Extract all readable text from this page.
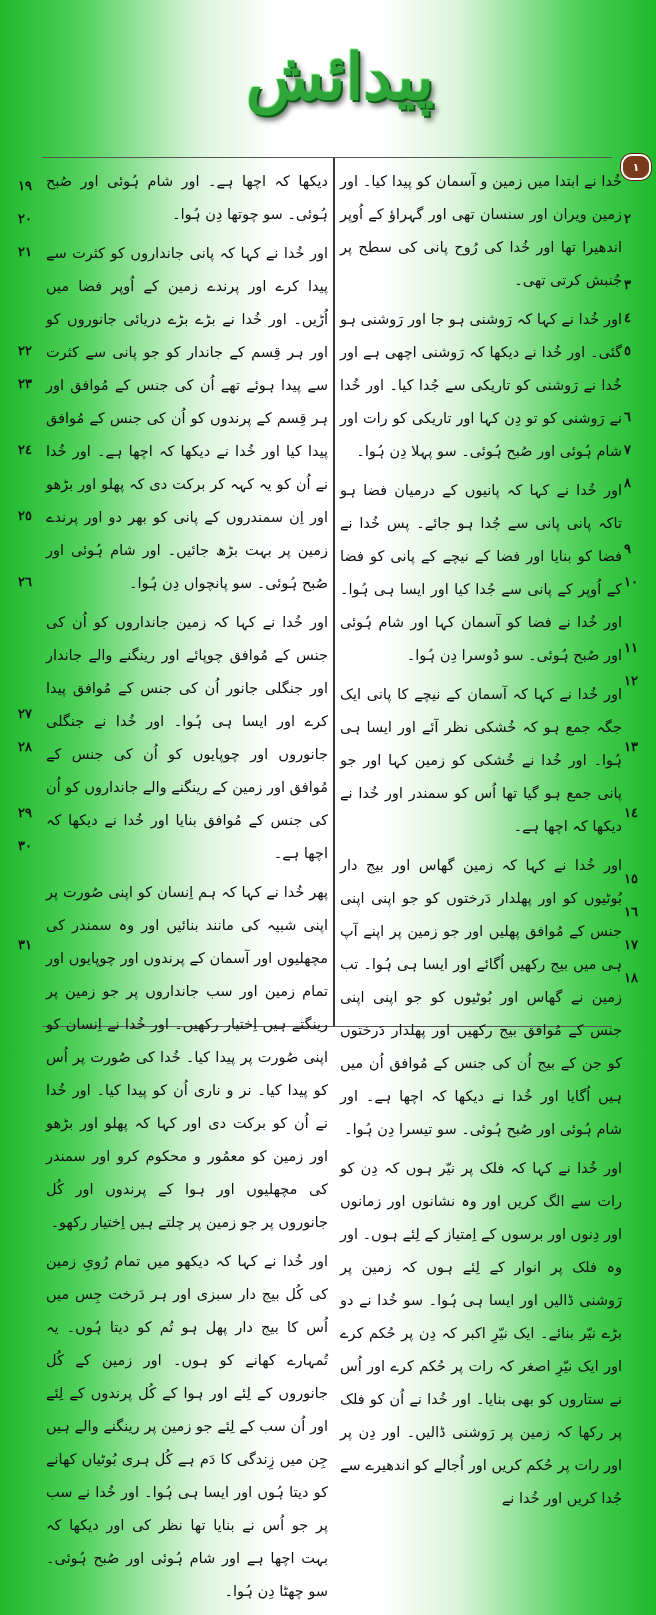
پیدائش
١

خُدا نے ابتدا میں زمین و آسمان کو پیدا کیا۔ اور زمین ویران اور سنسان تھی اور گہراؤ کے اُوپر اندھیرا تھا اور خُدا کی رُوح پانی کی سطح پر جُنبش کرتی تھی۔

اور خُدا نے کہا کہ رَوشنی ہو جا اور رَوشنی ہو گئی۔ اور خُدا نے دیکھا کہ رَوشنی اچھی ہے اور خُدا نے رَوشنی کو تاریکی سے جُدا کیا۔ اور خُدا نے رَوشنی کو تو دِن کہا اور تاریکی کو رات اور شام ہُوئی اور صُبح ہُوئی۔ سو پہلا دِن ہُوا۔

اور خُدا نے کہا کہ پانیوں کے درمیان فضا ہو تاکہ پانی پانی سے جُدا ہو جائے۔ پس خُدا نے فضا کو بنایا اور فضا کے نیچے کے پانی کو فضا کے اُوپر کے پانی سے جُدا کیا اور ایسا ہی ہُوا۔ اور خُدا نے فضا کو آسمان کہا اور شام ہُوئی اور صُبح ہُوئی۔ سو دُوسرا دِن ہُوا۔

اور خُدا نے کہا کہ آسمان کے نیچے کا پانی ایک جگہ جمع ہو کہ خُشکی نظر آئے اور ایسا ہی ہُوا۔ اور خُدا نے خُشکی کو زمین کہا اور جو پانی جمع ہو گیا تھا اُس کو سمندر اور خُدا نے دیکھا کہ اچھا ہے۔

اور خُدا نے کہا کہ زمین گھاس اور بیج دار بُوٹیوں کو اور پھلدار دَرختوں کو جو اپنی اپنی جنس کے مُوافق پھلیں اور جو زمین پر اپنے آپ ہی میں بیج رکھیں اُگائے اور ایسا ہی ہُوا۔ تب زمین نے گھاس اور بُوٹیوں کو جو اپنی اپنی جنس کے مُوافق بیج رکھیں اور پھلدار دَرختوں کو جن کے بیج اُن کی جنس کے مُوافق اُن میں ہیں اُگایا اور خُدا نے دیکھا کہ اچھا ہے۔ اور شام ہُوئی اور صُبح ہُوئی۔ سو تیسرا دِن ہُوا۔

اور خُدا نے کہا کہ فلک پر نیّر ہوں کہ دِن کو رات سے الگ کریں اور وہ نشانوں اور زمانوں اور دِنوں اور برسوں کے اِمتیاز کے لِئے ہوں۔ اور وہ فلک پر انوار کے لِئے ہوں کہ زمین پر رَوشنی ڈالیں اور ایسا ہی ہُوا۔ سو خُدا نے دو بڑے نیّر بنائے۔ ایک نیّرِ اکبر کہ دِن پر حُکم کرے اور ایک نیّرِ اصغر کہ رات پر حُکم کرے اور اُس نے ستاروں کو بھی بنایا۔ اور خُدا نے اُن کو فلک پر رکھا کہ زمین پر رَوشنی ڈالیں۔ اور دِن پر اور رات پر حُکم کریں اور اُجالے کو اندھیرے سے جُدا کریں اور خُدا نے

دیکھا کہ اچھا ہے۔ اور شام ہُوئی اور صُبح ہُوئی۔ سو چوتھا دِن ہُوا۔

اور خُدا نے کہا کہ پانی جانداروں کو کثرت سے پیدا کرے اور پرندے زمین کے اُوپر فضا میں اُڑیں۔ اور خُدا نے بڑے بڑے دریائی جانوروں کو اور ہر قِسم کے جاندار کو جو پانی سے کثرت سے پیدا ہوئے تھے اُن کی جنس کے مُوافق اور ہر قِسم کے پرندوں کو اُن کی جنس کے مُوافق پیدا کیا اور خُدا نے دیکھا کہ اچھا ہے۔ اور خُدا نے اُن کو یہ کہہ کر برکت دی کہ پھلو اور بڑھو اور اِن سمندروں کے پانی کو بھر دو اور پرندے زمین پر بہت بڑھ جائیں۔ اور شام ہُوئی اور صُبح ہُوئی۔ سو پانچواں دِن ہُوا۔

اور خُدا نے کہا کہ زمین جانداروں کو اُن کی جنس کے مُوافق چوپائے اور رینگنے والے جاندار اور جنگلی جانور اُن کی جنس کے مُوافق پیدا کرے اور ایسا ہی ہُوا۔ اور خُدا نے جنگلی جانوروں اور چوپایوں کو اُن کی جنس کے مُوافق اور زمین کے رینگنے والے جانداروں کو اُن کی جنس کے مُوافق بنایا اور خُدا نے دیکھا کہ اچھا ہے۔

پھر خُدا نے کہا کہ ہم اِنسان کو اپنی صُورت پر اپنی شبیہ کی مانند بنائیں اور وہ سمندر کی مچھلیوں اور آسمان کے پرندوں اور چوپایوں اور تمام زمین اور سب جانداروں پر جو زمین پر رینگتے ہیں اِختیار رکھیں۔ اور خُدا نے اِنسان کو اپنی صُورت پر پیدا کیا۔ خُدا کی صُورت پر اُس کو پیدا کیا۔ نر و ناری اُن کو پیدا کیا۔ اور خُدا نے اُن کو برکت دی اور کہا کہ پھلو اور بڑھو اور زمین کو معمُور و محکوم کرو اور سمندر کی مچھلیوں اور ہوا کے پرندوں اور کُل جانوروں پر جو زمین پر چلتے ہیں اِختیار رکھو۔

اور خُدا نے کہا کہ دیکھو میں تمام رُویِ زمین کی کُل بیج دار سبزی اور ہر دَرخت جِس میں اُس کا بیج دار پھل ہو تُم کو دیتا ہُوں۔ یہ تُمہارے کھانے کو ہوں۔ اور زمین کے کُل جانوروں کے لِئے اور ہوا کے کُل پرندوں کے لِئے اور اُن سب کے لِئے جو زمین پر رینگنے والے ہیں جِن میں زِندگی کا دَم ہے کُل ہری بُوٹیاں کھانے کو دیتا ہُوں اور ایسا ہی ہُوا۔ اور خُدا نے سب پر جو اُس نے بنایا تھا نظر کی اور دیکھا کہ بہت اچھا ہے اور شام ہُوئی اور صُبح ہُوئی۔ سو چھٹا دِن ہُوا۔

٢
٣
٤
٥
٦
٧
٨
٩
١٠
١١
١٢
١٣
١٤
١٥
١٦
١٧
١٨
١٩
٢٠
٢١
٢٢
٢٣
٢٤
٢٥
٢٦
٢٧
٢٨
٢٩
٣٠
٣١
